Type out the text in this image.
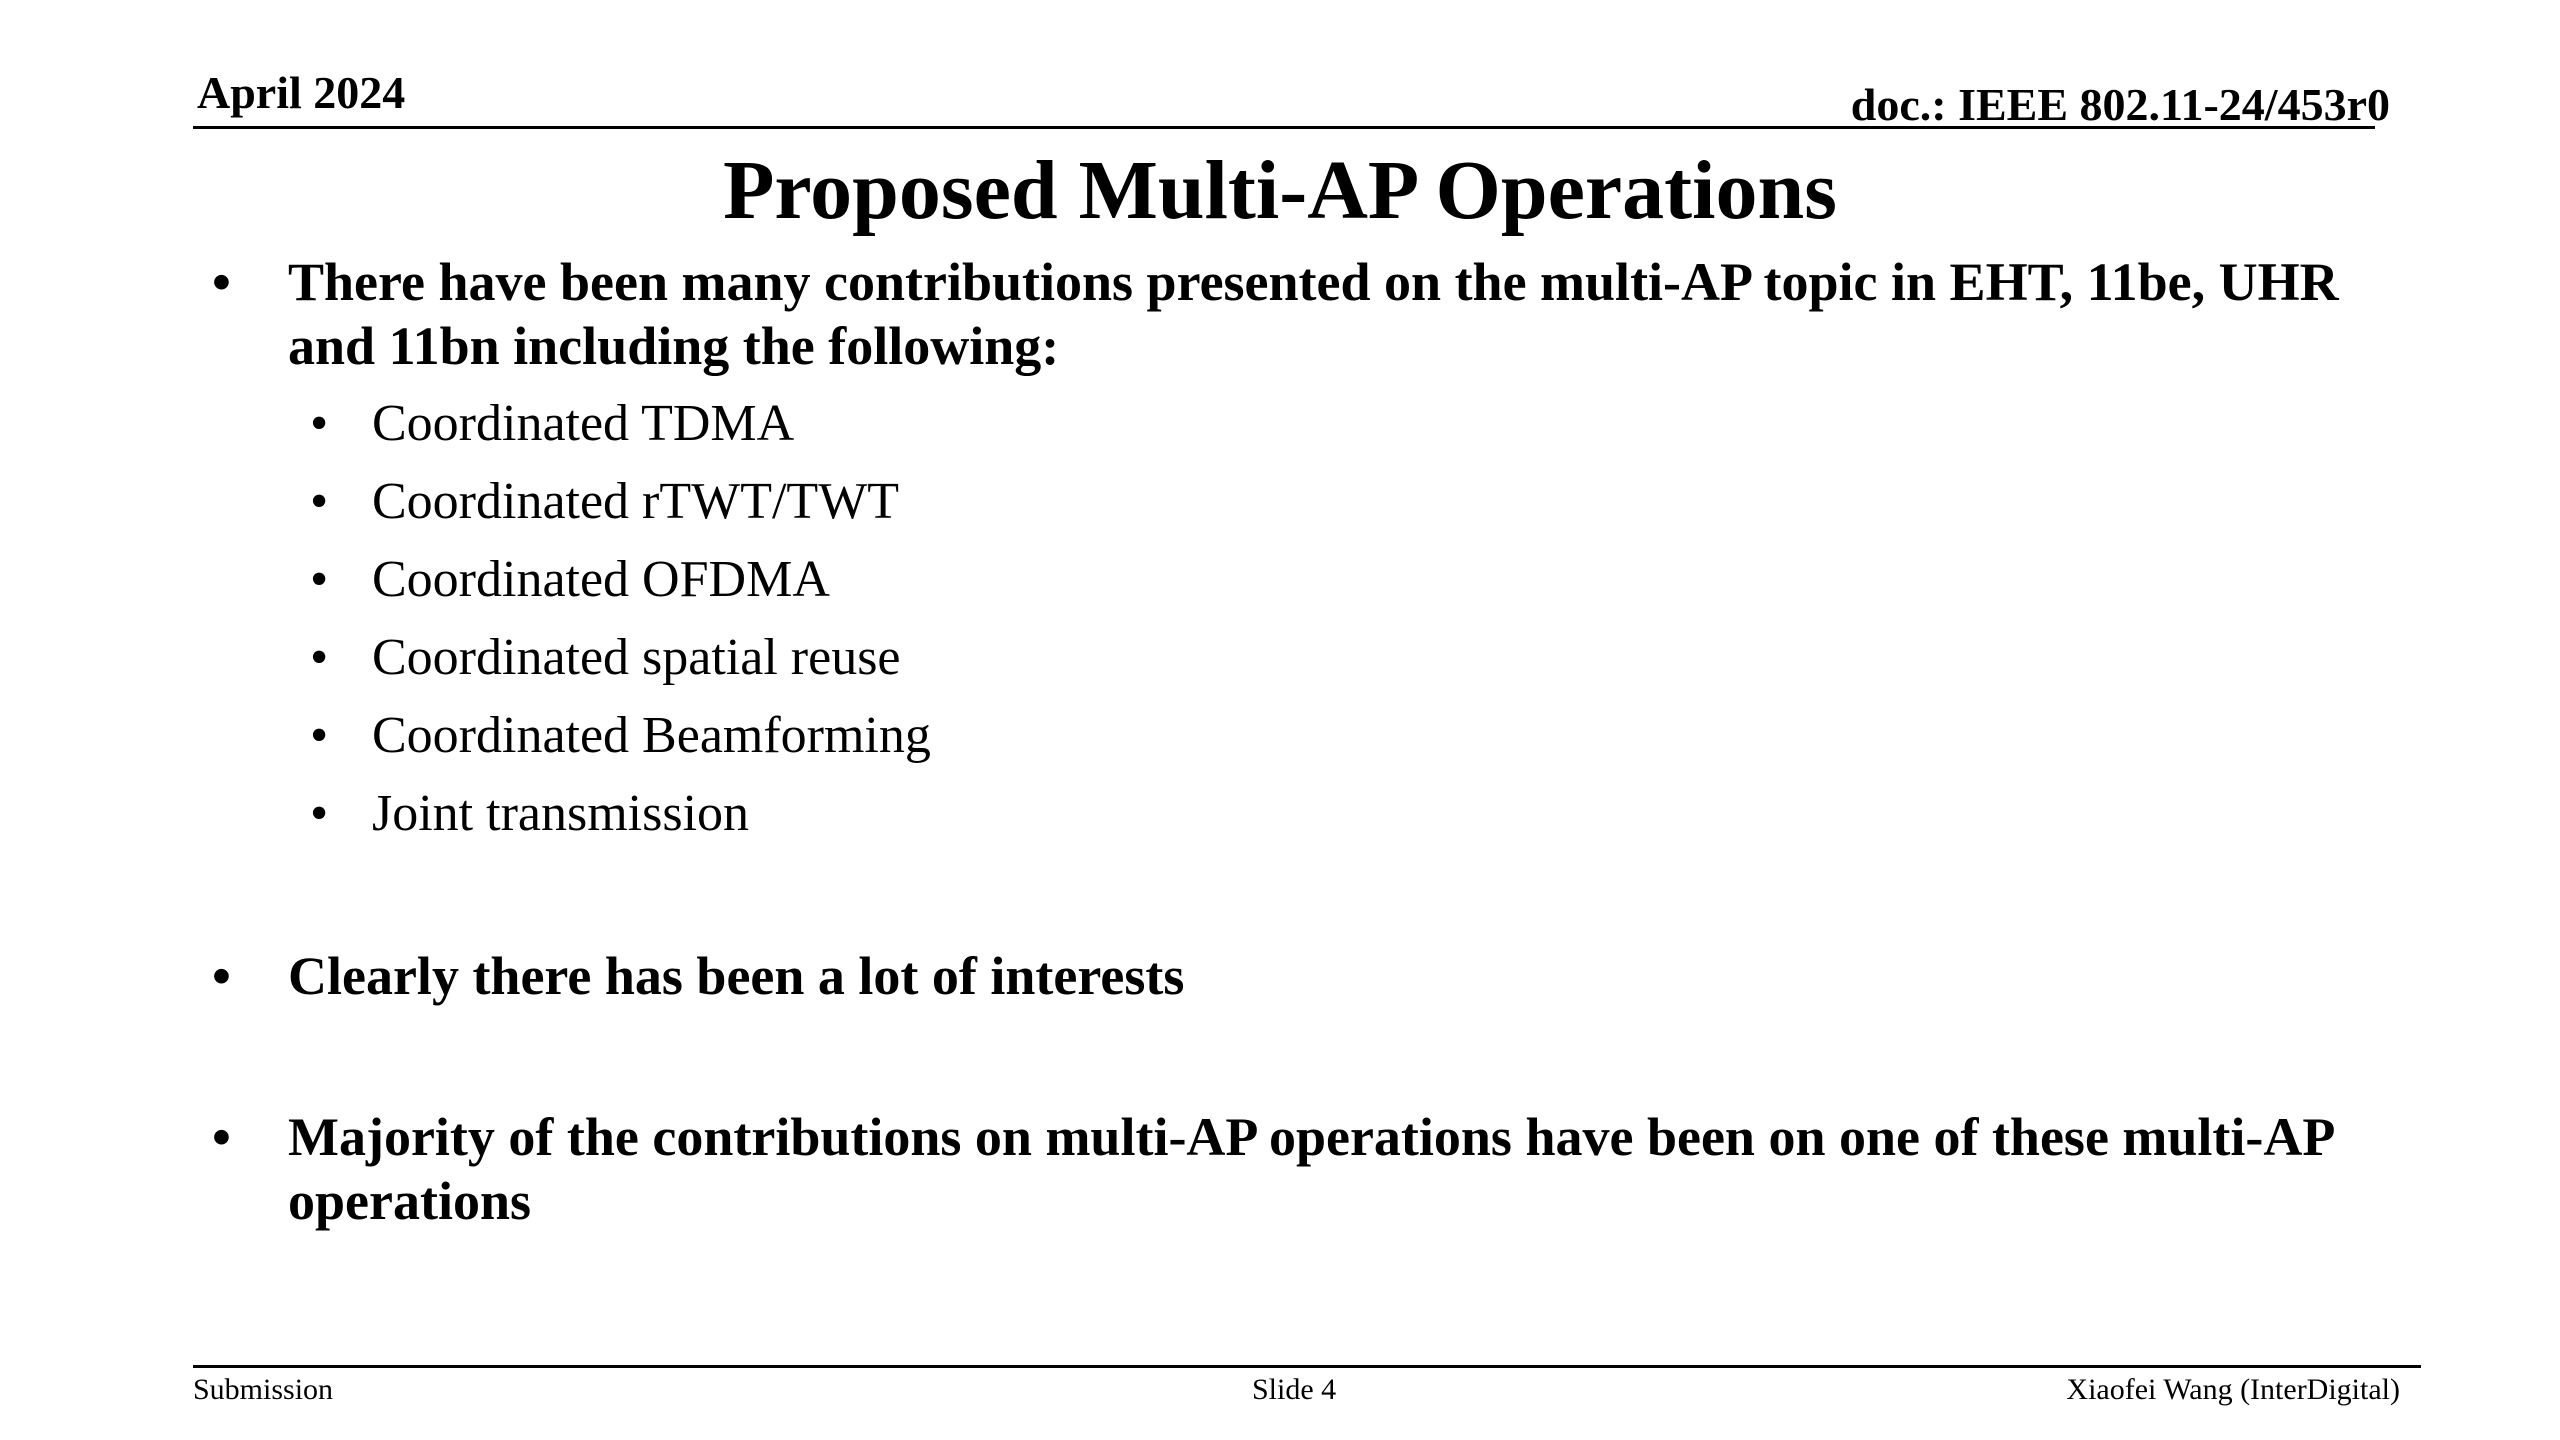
April 2024	doc.: IEEE 802.11-24/453r0
Proposed Multi-AP Operations
• There have been many contributions presented on the multi-AP topic in EHT, 11be, UHR and 11bn including the following:
• Coordinated TDMA
• Coordinated rTWT/TWT
• Coordinated OFDMA
• Coordinated spatial reuse
• Coordinated Beamforming
• Joint transmission
• Clearly there has been a lot of interests
• Majority of the contributions on multi-AP operations have been on one of these multi-AP operations
Submission	Slide 4	Xiaofei Wang (InterDigital)
